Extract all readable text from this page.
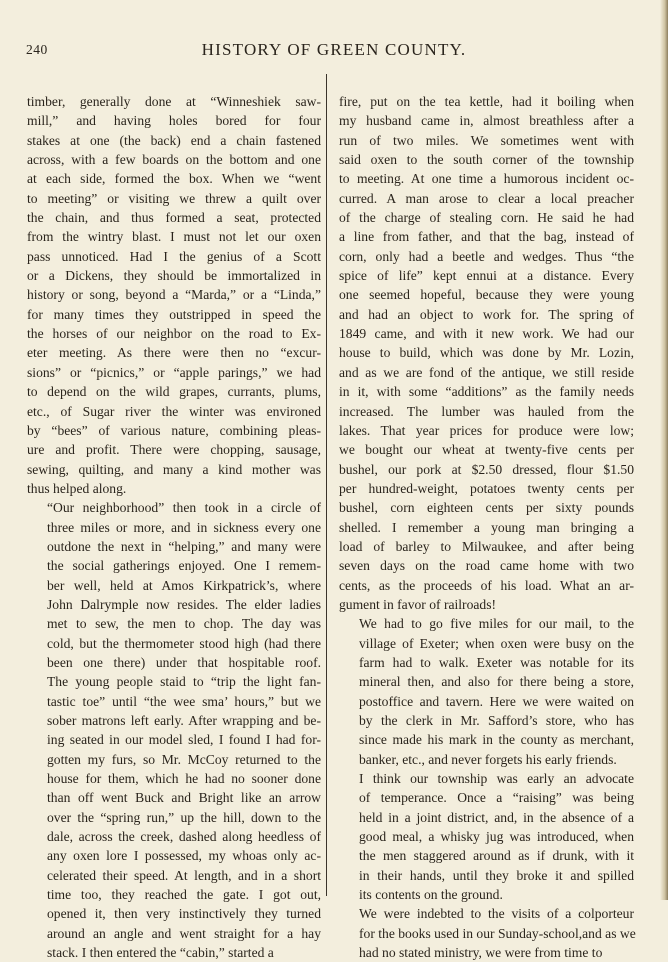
240	HISTORY OF GREEN COUNTY.

timber, generally done at “Winneshiek saw-
mill,” and having holes bored for four
stakes at one (the back) end a chain fastened
across, with a few boards on the bottom and one
at each side, formed the box. When we “went
to meeting” or visiting we threw a quilt over
the chain, and thus formed a seat, protected
from the wintry blast. I must not let our oxen
pass unnoticed. Had I the genius of a Scott
or a Dickens, they should be immortalized in
history or song, beyond a “Marda,” or a “Linda,”
for many times they outstripped in speed the
the horses of our neighbor on the road to Ex-
eter meeting. As there were then no “excur-
sions” or “picnics,” or “apple parings,” we had
to depend on the wild grapes, currants, plums,
etc., of Sugar river the winter was environed
by “bees” of various nature, combining pleas-
ure and profit. There were chopping, sausage,
sewing, quilting, and many a kind mother was
thus helped along.

“Our neighborhood” then took in a circle of
three miles or more, and in sickness every one
outdone the next in “helping,” and many were
the social gatherings enjoyed. One I remem-
ber well, held at Amos Kirkpatrick’s, where
John Dalrymple now resides. The elder ladies
met to sew, the men to chop. The day was
cold, but the thermometer stood high (had there
been one there) under that hospitable roof.
The young people staid to “trip the light fan-
tastic toe” until “the wee sma’ hours,” but we
sober matrons left early. After wrapping and be-
ing seated in our model sled, I found I had for-
gotten my furs, so Mr. McCoy returned to the
house for them, which he had no sooner done
than off went Buck and Bright like an arrow
over the “spring run,” up the hill, down to the
dale, across the creek, dashed along heedless of
any oxen lore I possessed, my whoas only ac-
celerated their speed. At length, and in a short
time too, they reached the gate. I got out,
opened it, then very instinctively they turned
around an angle and went straight for a hay
stack. I then entered the “cabin,” started a

fire, put on the tea kettle, had it boiling when
my husband came in, almost breathless after a
run of two miles. We sometimes went with
said oxen to the south corner of the township
to meeting. At one time a humorous incident oc-
curred. A man arose to clear a local preacher
of the charge of stealing corn. He said he had
a line from father, and that the bag, instead of
corn, only had a beetle and wedges. Thus “the
spice of life” kept ennui at a distance. Every
one seemed hopeful, because they were young
and had an object to work for. The spring of
1849 came, and with it new work. We had our
house to build, which was done by Mr. Lozin,
and as we are fond of the antique, we still reside
in it, with some “additions” as the family needs
increased. The lumber was hauled from the
lakes. That year prices for produce were low;
we bought our wheat at twenty-five cents per
bushel, our pork at $2.50 dressed, flour $1.50
per hundred-weight, potatoes twenty cents per
bushel, corn eighteen cents per sixty pounds
shelled. I remember a young man bringing a
load of barley to Milwaukee, and after being
seven days on the road came home with two
cents, as the proceeds of his load. What an ar-
gument in favor of railroads!

We had to go five miles for our mail, to the
village of Exeter; when oxen were busy on the
farm had to walk. Exeter was notable for its
mineral then, and also for there being a store,
postoffice and tavern. Here we were waited on
by the clerk in Mr. Safford’s store, who has
since made his mark in the county as merchant,
banker, etc., and never forgets his early friends.

I think our township was early an advocate
of temperance. Once a “raising” was being
held in a joint district, and, in the absence of a
good meal, a whisky jug was introduced, when
the men staggered around as if drunk, with it
in their hands, until they broke it and spilled
its contents on the ground.

We were indebted to the visits of a colporteur
for the books used in our Sunday-school,and as we
had no stated ministry, we were from time to
